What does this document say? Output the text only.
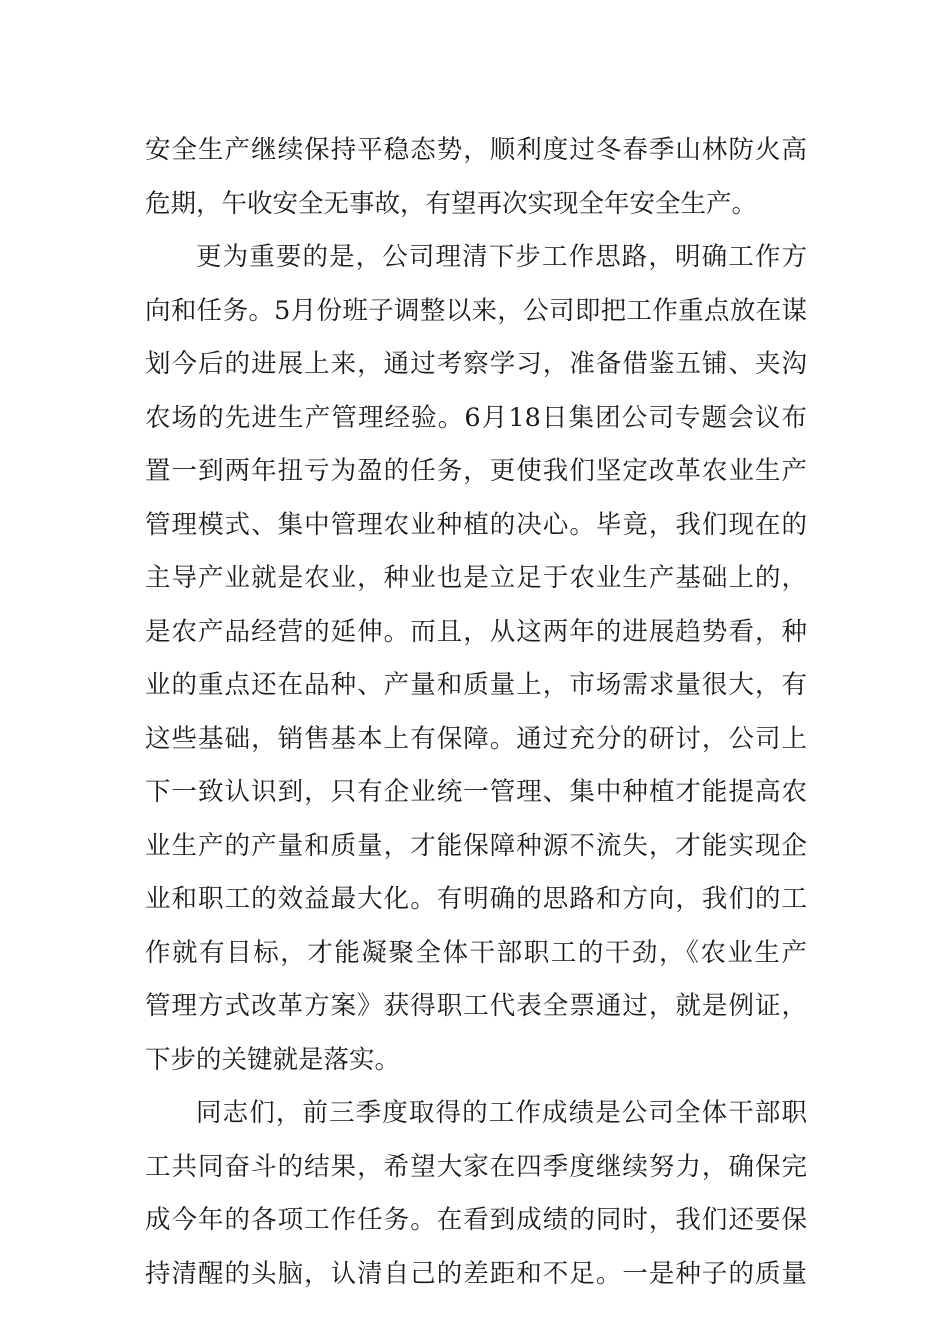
安全生产继续保持平稳态势，顺利度过冬春季山林防火高
危期，午收安全无事故，有望再次实现全年安全生产。
更为重要的是，公司理清下步工作思路，明确工作方
向和任务。5月份班子调整以来，公司即把工作重点放在谋
划今后的进展上来，通过考察学习，准备借鉴五铺、夹沟
农场的先进生产管理经验。6月18日集团公司专题会议布
置一到两年扭亏为盈的任务，更使我们坚定改革农业生产
管理模式、集中管理农业种植的决心。毕竟，我们现在的
主导产业就是农业，种业也是立足于农业生产基础上的，
是农产品经营的延伸。而且，从这两年的进展趋势看，种
业的重点还在品种、产量和质量上，市场需求量很大，有
这些基础，销售基本上有保障。通过充分的研讨，公司上
下一致认识到，只有企业统一管理、集中种植才能提高农
业生产的产量和质量，才能保障种源不流失，才能实现企
业和职工的效益最大化。有明确的思路和方向，我们的工
作就有目标，才能凝聚全体干部职工的干劲，《农业生产
管理方式改革方案》获得职工代表全票通过，就是例证，
下步的关键就是落实。
同志们，前三季度取得的工作成绩是公司全体干部职
工共同奋斗的结果，希望大家在四季度继续努力，确保完
成今年的各项工作任务。在看到成绩的同时，我们还要保
持清醒的头脑，认清自己的差距和不足。一是种子的质量
